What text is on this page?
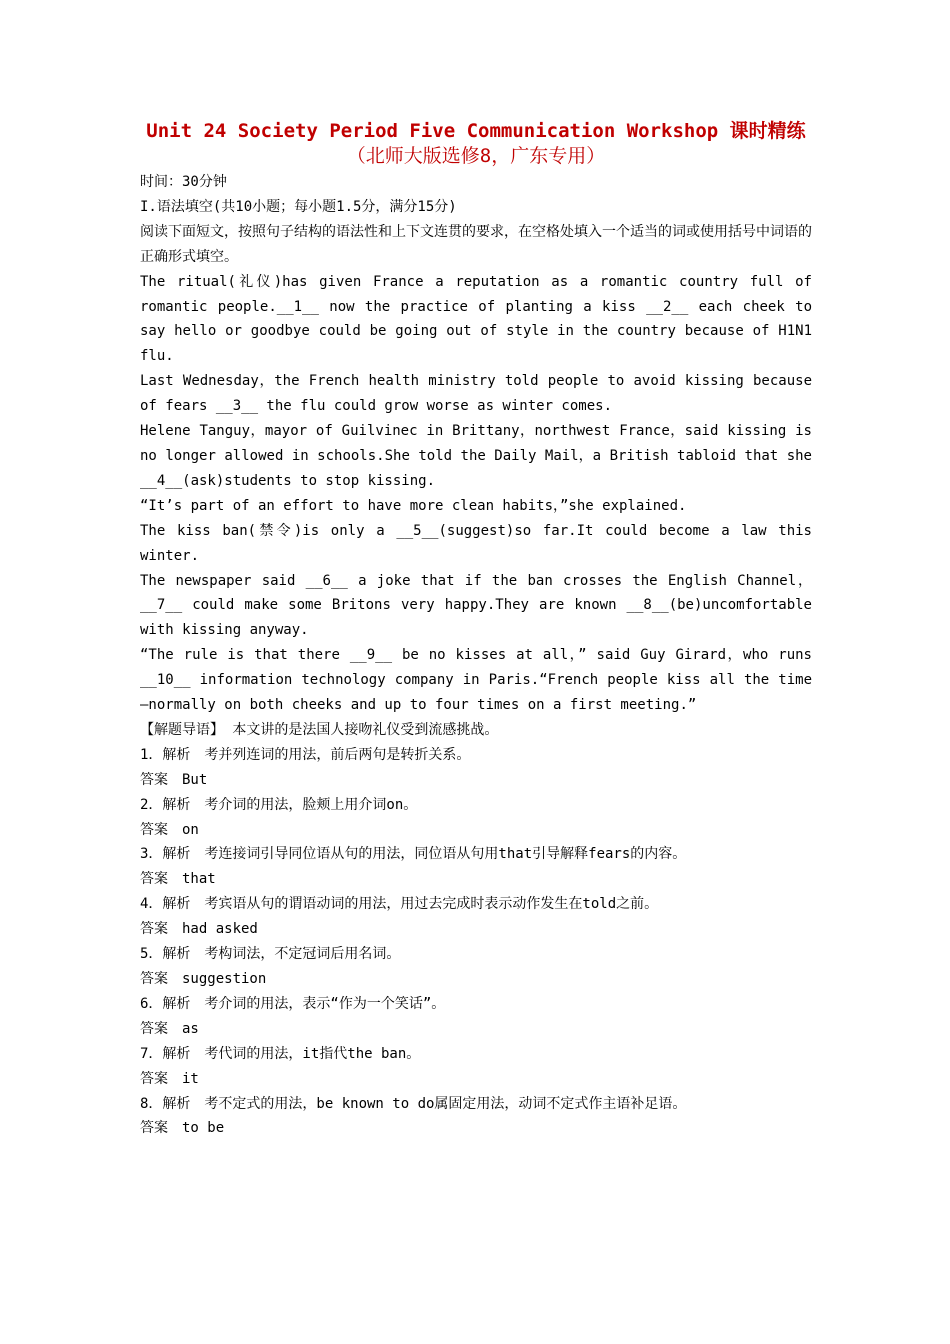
Unit 24 Society Period Five Communication Workshop 课时精练
（北师大版选修8，广东专用）

时间：30分钟

I.语法填空(共10小题；每小题1.5分，满分15分)

阅读下面短文，按照句子结构的语法性和上下文连贯的要求，在空格处填入一个适当的词或使用括号中词语的正确形式填空。

The ritual(礼仪)has given France a reputation as a romantic country full of romantic people.__1__ now the practice of planting a kiss __2__ each cheek to say hello or goodbye could be going out of style in the country because of H1N1 flu.

Last Wednesday，the French health ministry told people to avoid kissing because of fears __3__ the flu could grow worse as winter comes.

Helene Tanguy，mayor of Guilvinec in Brittany，northwest France，said kissing is no longer allowed in schools.She told the Daily Mail，a British tabloid that she __4__(ask)students to stop kissing.

“It’s part of an effort to have more clean habits，”she explained.

The kiss ban(禁令)is only a __5__(suggest)so far.It could become a law this winter.

The newspaper said __6__ a joke that if the ban crosses the English Channel， __7__ could make some Britons very happy.They are known __8__(be)uncomfortable with kissing anyway.

“The rule is that there __9__ be no kisses at all，” said Guy Girard，who runs __10__ information technology company in Paris.“French people kiss all the time—normally on both cheeks and up to four times on a first meeting.”

【解题导语】 本文讲的是法国人接吻礼仪受到流感挑战。

1．解析　考并列连词的用法，前后两句是转折关系。

答案　But

2．解析　考介词的用法，脸颊上用介词on。

答案　on

3．解析　考连接词引导同位语从句的用法，同位语从句用that引导解释fears的内容。

答案　that

4．解析　考宾语从句的谓语动词的用法，用过去完成时表示动作发生在told之前。

答案　had asked

5．解析　考构词法，不定冠词后用名词。

答案　suggestion

6．解析　考介词的用法，表示“作为一个笑话”。

答案　as

7．解析　考代词的用法，it指代the ban。

答案　it

8．解析　考不定式的用法，be known to do属固定用法，动词不定式作主语补足语。

答案　to be
